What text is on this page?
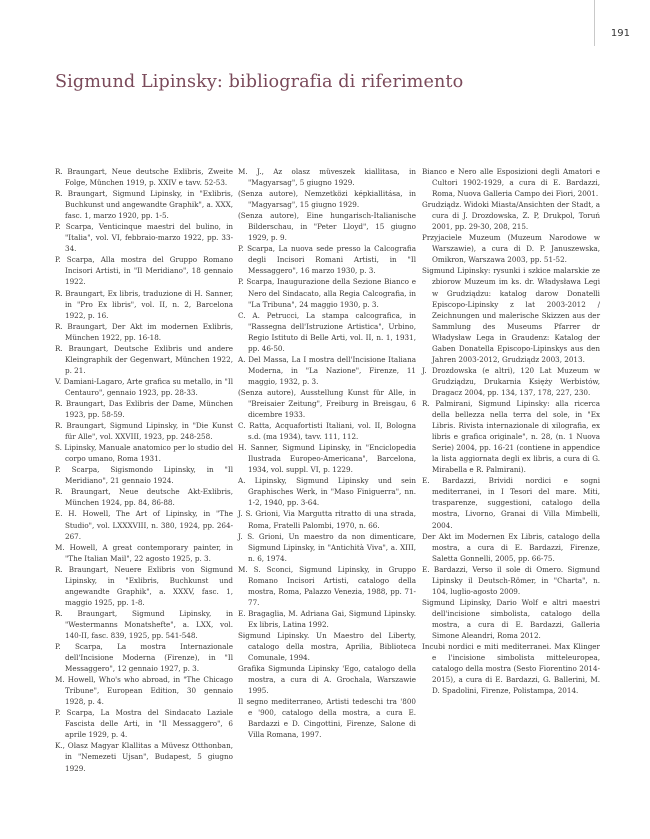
191
Sigmund Lipinsky: bibliografia di riferimento

R. Braungart, Neue deutsche Exlibris, Zweite Folge, München 1919, p. XXIV e tavv. 52-53.

R. Braungart, Sigmund Lipinsky, in "Exlibris, Buchkunst und angewandte Graphik", a. XXX, fasc. 1, marzo 1920, pp. 1-5.

P. Scarpa, Venticinque maestri del bulino, in "Italia", vol. VI, febbraio-marzo 1922, pp. 33-34.

P. Scarpa, Alla mostra del Gruppo Romano Incisori Artisti, in "Il Meridiano", 18 gennaio 1922.

R. Braungart, Ex libris, traduzione di H. Sanner, in "Pro Ex libris", vol. II, n. 2, Barcelona 1922, p. 16.

R. Braungart, Der Akt im modernen Exlibris, München 1922, pp. 16-18.

R. Braungart, Deutsche Exlibris und andere Kleingraphik der Gegenwart, München 1922, p. 21.

V. Damiani-Lagaro, Arte grafica su metallo, in "Il Centauro", gennaio 1923, pp. 28-33.

R. Braungart, Das Exlibris der Dame, München 1923, pp. 58-59.

R. Braungart, Sigmund Lipinsky, in "Die Kunst für Alle", vol. XXVIII, 1923, pp. 248-258.

S. Lipinsky, Manuale anatomico per lo studio del corpo umano, Roma 1931.

P. Scarpa, Sigismondo Lipinsky, in "Il Meridiano", 21 gennaio 1924.

R. Braungart, Neue deutsche Akt-Exlibris, München 1924, pp. 84, 86-88.

E. H. Howell, The Art of Lipinsky, in "The Studio", vol. LXXXVIII, n. 380, 1924, pp. 264-267.

M. Howell, A great contemporary painter, in "The Italian Mail", 22 agosto 1925, p. 3.

R. Braungart, Neuere Exlibris von Sigmund Lipinsky, in "Exlibris, Buchkunst und angewandte Graphik", a. XXXV, fasc. 1, maggio 1925, pp. 1-8.

R. Braungart, Sigmund Lipinsky, in "Westermanns Monatshefte", a. LXX, vol. 140-II, fasc. 839, 1925, pp. 541-548.

P. Scarpa, La mostra Internazionale dell'Incisione Moderna (Firenze), in "Il Messaggero", 12 gennaio 1927, p. 3.

M. Howell, Who's who abroad, in "The Chicago Tribune", European Edition, 30 gennaio 1928, p. 4.

P. Scarpa, La Mostra del Sindacato Laziale Fascista delle Arti, in "Il Messaggero", 6 aprile 1929, p. 4.

K., Olasz Magyar Klallitas a Müvesz Otthonban, in "Nemezeti Ujsan", Budapest, 5 giugno 1929.

M. J., Az olasz müveszek kiallitasa, in "Magyarsag", 5 giugno 1929.

(Senza autore), Nemzetközi képkiallitása, in "Magyarsag", 15 giugno 1929.

(Senza autore), Eine hungarisch-Italianische Bilderschau, in "Peter Lloyd", 15 giugno 1929, p. 9.

P. Scarpa, La nuova sede presso la Calcografia degli Incisori Romani Artisti, in "Il Messaggero", 16 marzo 1930, p. 3.

P. Scarpa, Inaugurazione della Sezione Bianco e Nero del Sindacato, alla Regia Calcografia, in "La Tribuna", 24 maggio 1930, p. 3.

C. A. Petrucci, La stampa calcografica, in "Rassegna dell'Istruzione Artistica", Urbino, Regio Istituto di Belle Arti, vol. II, n. 1, 1931, pp. 46-50.

A. Del Massa, La I mostra dell'Incisione Italiana Moderna, in "La Nazione", Firenze, 11 maggio, 1932, p. 3.

(Senza autore), Ausstellung Kunst für Alle, in "Breisaier Zeitung", Freiburg in Breisgau, 6 dicembre 1933.

C. Ratta, Acquafortisti Italiani, vol. II, Bologna s.d. (ma 1934), tavv. 111, 112.

H. Sanner, Sigmund Lipinsky, in "Enciclopedia Ilustrada Europeo-Americana", Barcelona, 1934, vol. suppl. VI, p. 1229.

A. Lipinsky, Sigmund Lipinsky und sein Graphisches Werk, in "Maso Finiguerra", nn. 1-2, 1940, pp. 3-64.

J. S. Grioni, Via Margutta ritratto di una strada, Roma, Fratelli Palombi, 1970, n. 66.

J. S. Grioni, Un maestro da non dimenticare, Sigmund Lipinsky, in "Antichità Viva", a. XIII, n. 6, 1974.

M. S. Sconci, Sigmund Lipinsky, in Gruppo Romano Incisori Artisti, catalogo della mostra, Roma, Palazzo Venezia, 1988, pp. 71-77.

E. Bragaglia, M. Adriana Gai, Sigmund Lipinsky. Ex libris, Latina 1992.

Sigmund Lipinsky. Un Maestro del Liberty, catalogo della mostra, Aprilia, Biblioteca Comunale, 1994.

Grafika Sigmunda Lipinsky 'Ego, catalogo della mostra, a cura di A. Grochala, Warszawie 1995.

Il segno mediterraneo, Artisti tedeschi tra '800 e '900, catalogo della mostra, a cura E. Bardazzi e D. Cingottini, Firenze, Salone di Villa Romana, 1997.

Bianco e Nero alle Esposizioni degli Amatori e Cultori 1902-1929, a cura di E. Bardazzi, Roma, Nuova Galleria Campo dei Fiori, 2001.

Grudziądz. Widoki Miasta/Ansichten der Stadt, a cura di J. Drozdowska, Z. P, Drukpol, Toruń 2001, pp. 29-30, 208, 215.

Przyjaciele Muzeum (Muzeum Narodowe w Warszawie), a cura di D. P. Januszewska, Omikron, Warszawa 2003, pp. 51-52.

Sigmund Lipinsky: rysunki i szkice malarskie ze zbiorow Muzeum im ks. dr. Władysława Legi w Grudziądzu: katalog darow Donatelli Episcopo-Lipinsky z lat 2003-2012 / Zeichnungen und malerische Skizzen aus der Sammlung des Museums Pfarrer dr Władysław Lega in Graudenz: Katalog der Gaben Donatella Episcopo-Lipinskys aus den Jahren 2003-2012, Grudziądz 2003, 2013.

J. Drozdowska (e altri), 120 Lat Muzeum w Grudziądzu, Drukarnia Księży Werbistów, Dragacz 2004, pp. 134, 137, 178, 227, 230.

R. Palmirani, Sigmund Lipinsky: alla ricerca della bellezza nella terra del sole, in "Ex Libris. Rivista internazionale di xilografia, ex libris e grafica originale", n. 28, (n. 1 Nuova Serie) 2004, pp. 16-21 (contiene in appendice la lista aggiornata degli ex libris, a cura di G. Mirabella e R. Palmirani).

E. Bardazzi, Brividi nordici e sogni mediterranei, in I Tesori del mare. Miti, trasparenze, suggestioni, catalogo della mostra, Livorno, Granai di Villa Mimbelli, 2004.

Der Akt im Modernen Ex Libris, catalogo della mostra, a cura di E. Bardazzi, Firenze, Saletta Gonnelli, 2005, pp. 66-75.

E. Bardazzi, Verso il sole di Omero. Sigmund Lipinsky il Deutsch-Römer, in "Charta", n. 104, luglio-agosto 2009.

Sigmund Lipinsky, Dario Wolf e altri maestri dell'incisione simbolista, catalogo della mostra, a cura di E. Bardazzi, Galleria Simone Aleandri, Roma 2012.

Incubi nordici e miti mediterranei. Max Klinger e l'incisione simbolista mitteleuropea, catalogo della mostra (Sesto Fiorentino 2014-2015), a cura di E. Bardazzi, G. Ballerini, M. D. Spadolini, Firenze, Polistampa, 2014.
